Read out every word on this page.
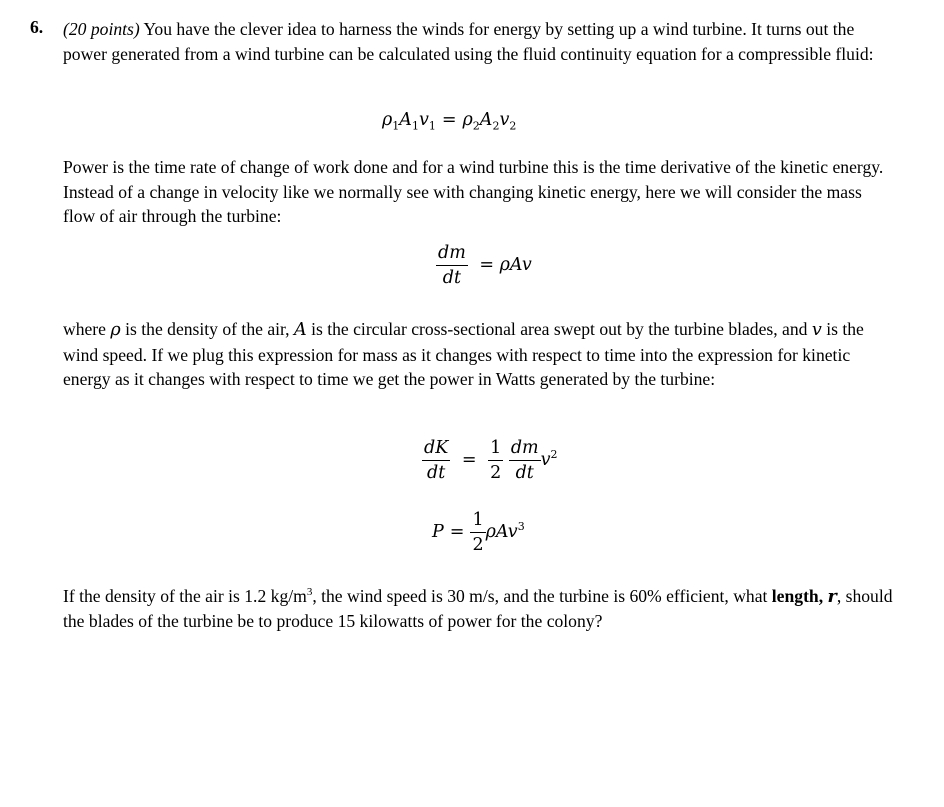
6. (20 points) You have the clever idea to harness the winds for energy by setting up a wind turbine. It turns out the power generated from a wind turbine can be calculated using the fluid continuity equation for a compressible fluid:
$\rho_1A_1v_1 = \rho_2A_2v_2$
Power is the time rate of change of work done and for a wind turbine this is the time derivative of the kinetic energy. Instead of a change in velocity like we normally see with changing kinetic energy, here we will consider the mass flow of air through the turbine:
$\frac{dm}{dt} = \rho Av$
where ρ is the density of the air, A is the circular cross-sectional area swept out by the turbine blades, and v is the wind speed. If we plug this expression for mass as it changes with respect to time into the expression for kinetic energy as it changes with respect to time we get the power in Watts generated by the turbine:
$\frac{dK}{dt} = \frac{1}{2}$
$\frac{dm}{dt} v^2$
$P = \frac{1}{2} \rho Av^3$
If the density of the air is 1.2 $kg/m^3$, the wind speed is 30 m/s, and the turbine is 60% efficient, what length, r, should the blades of the turbine be to produce 15 kilowatts of power for the colony?
